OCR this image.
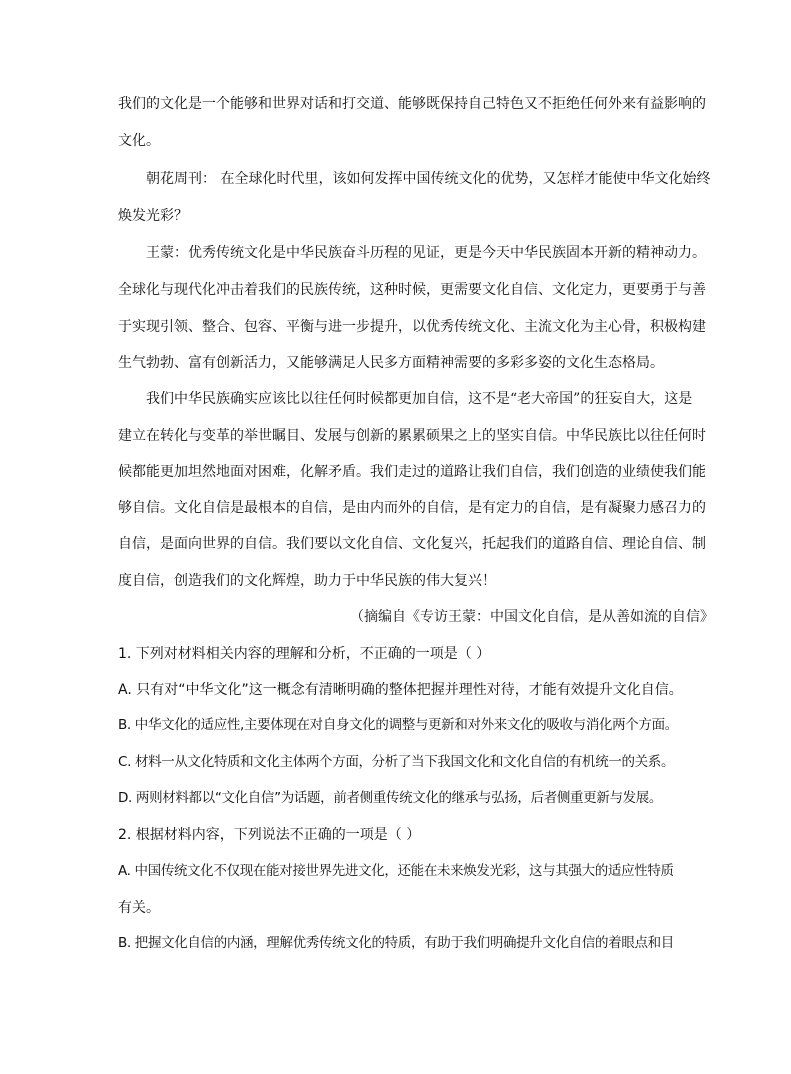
我们的文化是一个能够和世界对话和打交道、能够既保持自己特色又不拒绝任何外来有益影响的
文化。
朝花周刊： 在全球化时代里，该如何发挥中国传统文化的优势，又怎样才能使中华文化始终
焕发光彩？
王蒙：优秀传统文化是中华民族奋斗历程的见证，更是今天中华民族固本开新的精神动力。
全球化与现代化冲击着我们的民族传统，这种时候，更需要文化自信、文化定力，更要勇于与善
于实现引领、整合、包容、平衡与进一步提升，以优秀传统文化、主流文化为主心骨，积极构建
生气勃勃、富有创新活力，又能够满足人民多方面精神需要的多彩多姿的文化生态格局。
我们中华民族确实应该比以往任何时候都更加自信，这不是“老大帝国”的狂妄自大，这是
建立在转化与变革的举世瞩目、发展与创新的累累硕果之上的坚实自信。中华民族比以往任何时
候都能更加坦然地面对困难，化解矛盾。我们走过的道路让我们自信，我们创造的业绩使我们能
够自信。文化自信是最根本的自信，是由内而外的自信，是有定力的自信，是有凝聚力感召力的
自信，是面向世界的自信。我们要以文化自信、文化复兴，托起我们的道路自信、理论自信、制
度自信，创造我们的文化辉煌，助力于中华民族的伟大复兴！
（摘编自《专访王蒙：中国文化自信，是从善如流的自信》
1. 下列对材料相关内容的理解和分析，不正确的一项是（ ）
A. 只有对“中华文化”这一概念有清晰明确的整体把握并理性对待，才能有效提升文化自信。
B. 中华文化的适应性,主要体现在对自身文化的调整与更新和对外来文化的吸收与消化两个方面。
C. 材料一从文化特质和文化主体两个方面，分析了当下我国文化和文化自信的有机统一的关系。
D. 两则材料都以“文化自信”为话题，前者侧重传统文化的继承与弘扬，后者侧重更新与发展。
2. 根据材料内容，下列说法不正确的一项是（ ）
A. 中国传统文化不仅现在能对接世界先进文化，还能在未来焕发光彩，这与其强大的适应性特质
有关。
B. 把握文化自信的内涵，理解优秀传统文化的特质，有助于我们明确提升文化自信的着眼点和目
